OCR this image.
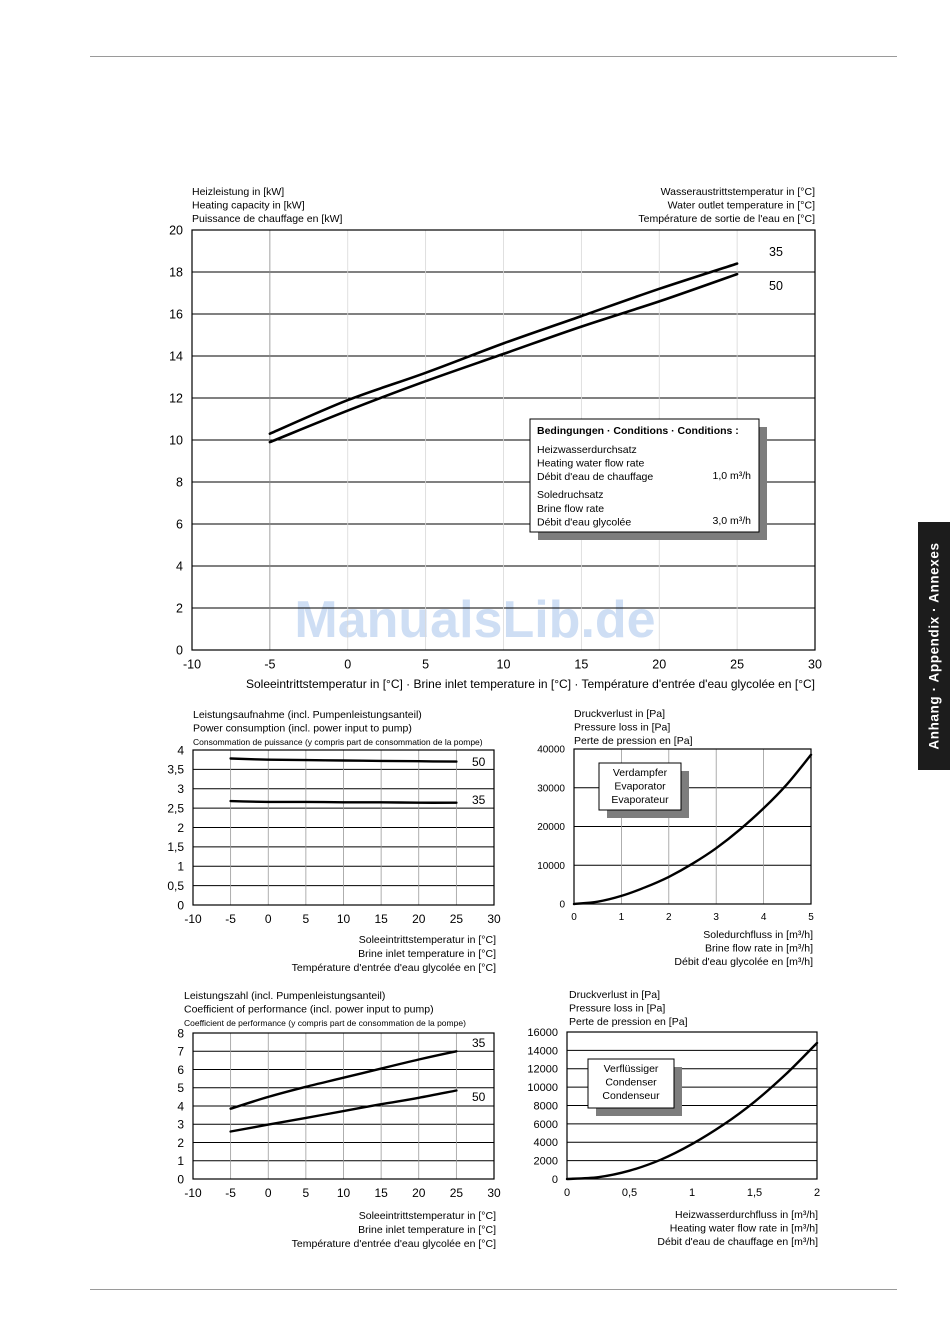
Anhang · Appendix · Annexes
ManualsLib.de
0
2
4
6
8
10
12
14
16
18
20
-10	-5	0	5	10	15	20	25	30
Heizleistung in [kW]
Heating capacity in [kW]
Puissance de chauffage en [kW]
Wasseraustrittstemperatur in [°C]
Water outlet temperature in [°C]
Température de sortie de l'eau en [°C]
Soleeintrittstemperatur in [°C] · Brine inlet temperature in [°C] · Température d'entrée d'eau glycolée en [°C]
35
50
Bedingungen · Conditions · Conditions :
Heizwasserdurchsatz
Heating water flow rate
Débit d'eau de chauffage	1,0 m³/h
Soledruchsatz
Brine flow rate
Débit d'eau glycolée	3,0 m³/h
0
0,5
1
1,5
2
2,5
3
3,5
4
-10 -5 0	5 10 15 20 25 30
Leistungsaufnahme (incl. Pumpenleistungsanteil)
Power consumption (incl. power input to pump)
Consommation de puissance (y compris part de consommation de la pompe)
Soleeintrittstemperatur in [°C]
Brine inlet temperature in [°C]
Température d'entrée d'eau glycolée en [°C]
50
35
0
10000
20000
30000
40000
0	1	2	3	4	5
Druckverlust in [Pa]
Pressure loss in [Pa]
Perte de pression en [Pa]
Soledurchfluss in [m³/h]
Brine flow rate in [m³/h]
Débit d'eau glycolée en [m³/h]
Verdampfer
Evaporator
Evaporateur
0
1
2
3
4
5
6
7
8
-10 -5 0	5 10 15 20 25 30
Leistungszahl (incl. Pumpenleistungsanteil)
Coefficient of performance (incl. power input to pump)
Coefficient de performance (y compris part de consommation de la pompe)
Soleeintrittstemperatur in [°C]
Brine inlet temperature in [°C]
Température d'entrée d'eau glycolée en [°C]
35
50
0
2000
4000
6000
8000
10000
12000
14000
16000
0	0,5	1	1,5	2
Druckverlust in [Pa]
Pressure loss in [Pa]
Perte de pression en [Pa]
Heizwasserdurchfluss in [m³/h]
Heating water flow rate in [m³/h]
Débit d'eau de chauffage en [m³/h]
Verflüssiger
Condenser
Condenseur
